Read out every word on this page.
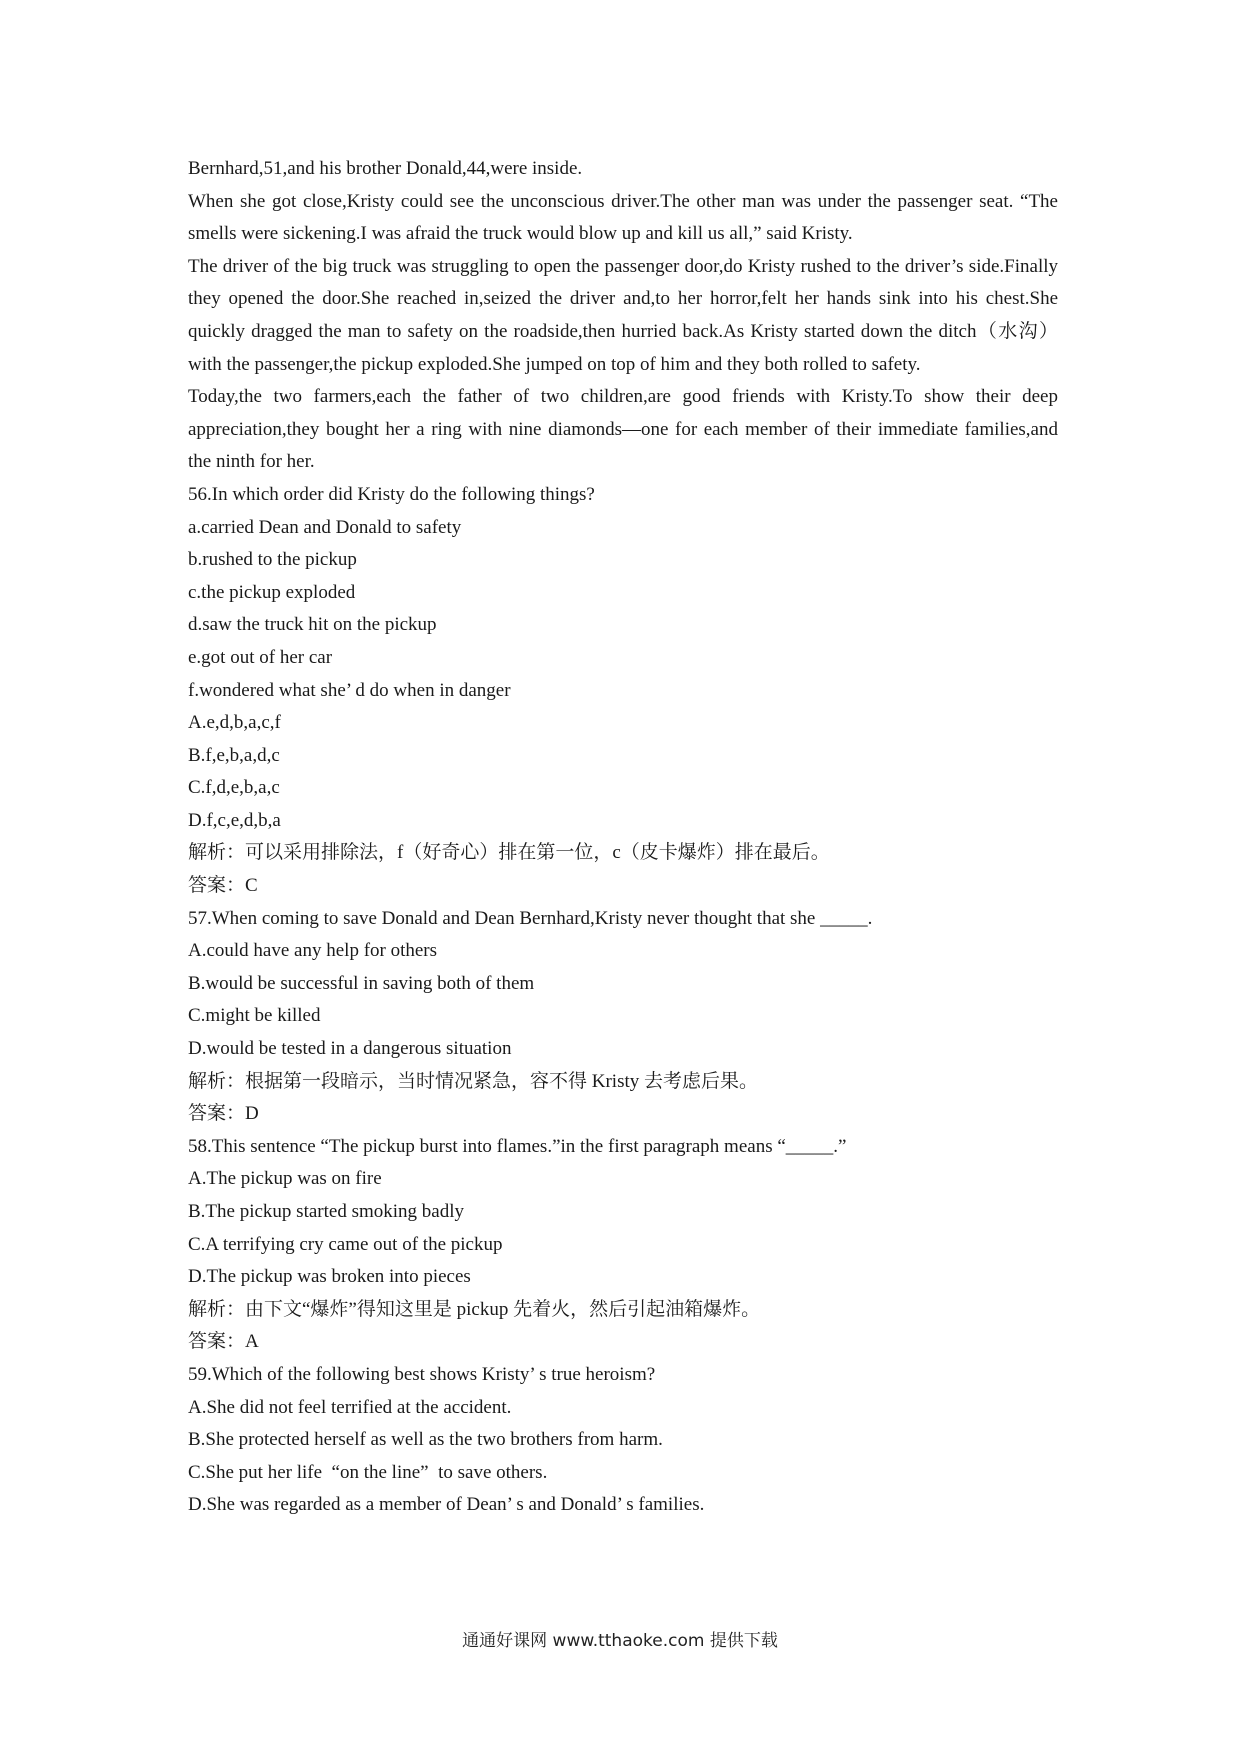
Bernhard,51,and his brother Donald,44,were inside.

When she got close,Kristy could see the unconscious driver.The other man was under the passenger seat. “The smells were sickening.I was afraid the truck would blow up and kill us all,” said Kristy.

The driver of the big truck was struggling to open the passenger door,do Kristy rushed to the driver’s side.Finally they opened the door.She reached in,seized the driver and,to her horror,felt her hands sink into his chest.She quickly dragged the man to safety on the roadside,then hurried back.As Kristy started down the ditch（水沟） with the passenger,the pickup exploded.She jumped on top of him and they both rolled to safety.

Today,the two farmers,each the father of two children,are good friends with Kristy.To show their deep appreciation,they bought her a ring with nine diamonds—one for each member of their immediate families,and the ninth for her.

56.In which order did Kristy do the following things?

a.carried Dean and Donald to safety

b.rushed to the pickup

c.the pickup exploded

d.saw the truck hit on the pickup

e.got out of her car

f.wondered what she’ d do when in danger

A.e,d,b,a,c,f

B.f,e,b,a,d,c

C.f,d,e,b,a,c

D.f,c,e,d,b,a

解析：可以采用排除法，f（好奇心）排在第一位，c（皮卡爆炸）排在最后。

答案：C

57.When coming to save Donald and Dean Bernhard,Kristy never thought that she _____.

A.could have any help for others

B.would be successful in saving both of them

C.might be killed

D.would be tested in a dangerous situation

解析：根据第一段暗示，当时情况紧急，容不得 Kristy 去考虑后果。

答案：D

58.This sentence “The pickup burst into flames.”in the first paragraph means “_____.”

A.The pickup was on fire

B.The pickup started smoking badly

C.A terrifying cry came out of the pickup

D.The pickup was broken into pieces

解析：由下文“爆炸”得知这里是 pickup 先着火，然后引起油箱爆炸。

答案：A

59.Which of the following best shows Kristy’ s true heroism?

A.She did not feel terrified at the accident.

B.She protected herself as well as the two brothers from harm.

C.She put her life  “on the line”  to save others.

D.She was regarded as a member of Dean’ s and Donald’ s families.

通通好课网 www.tthaoke.com 提供下载
